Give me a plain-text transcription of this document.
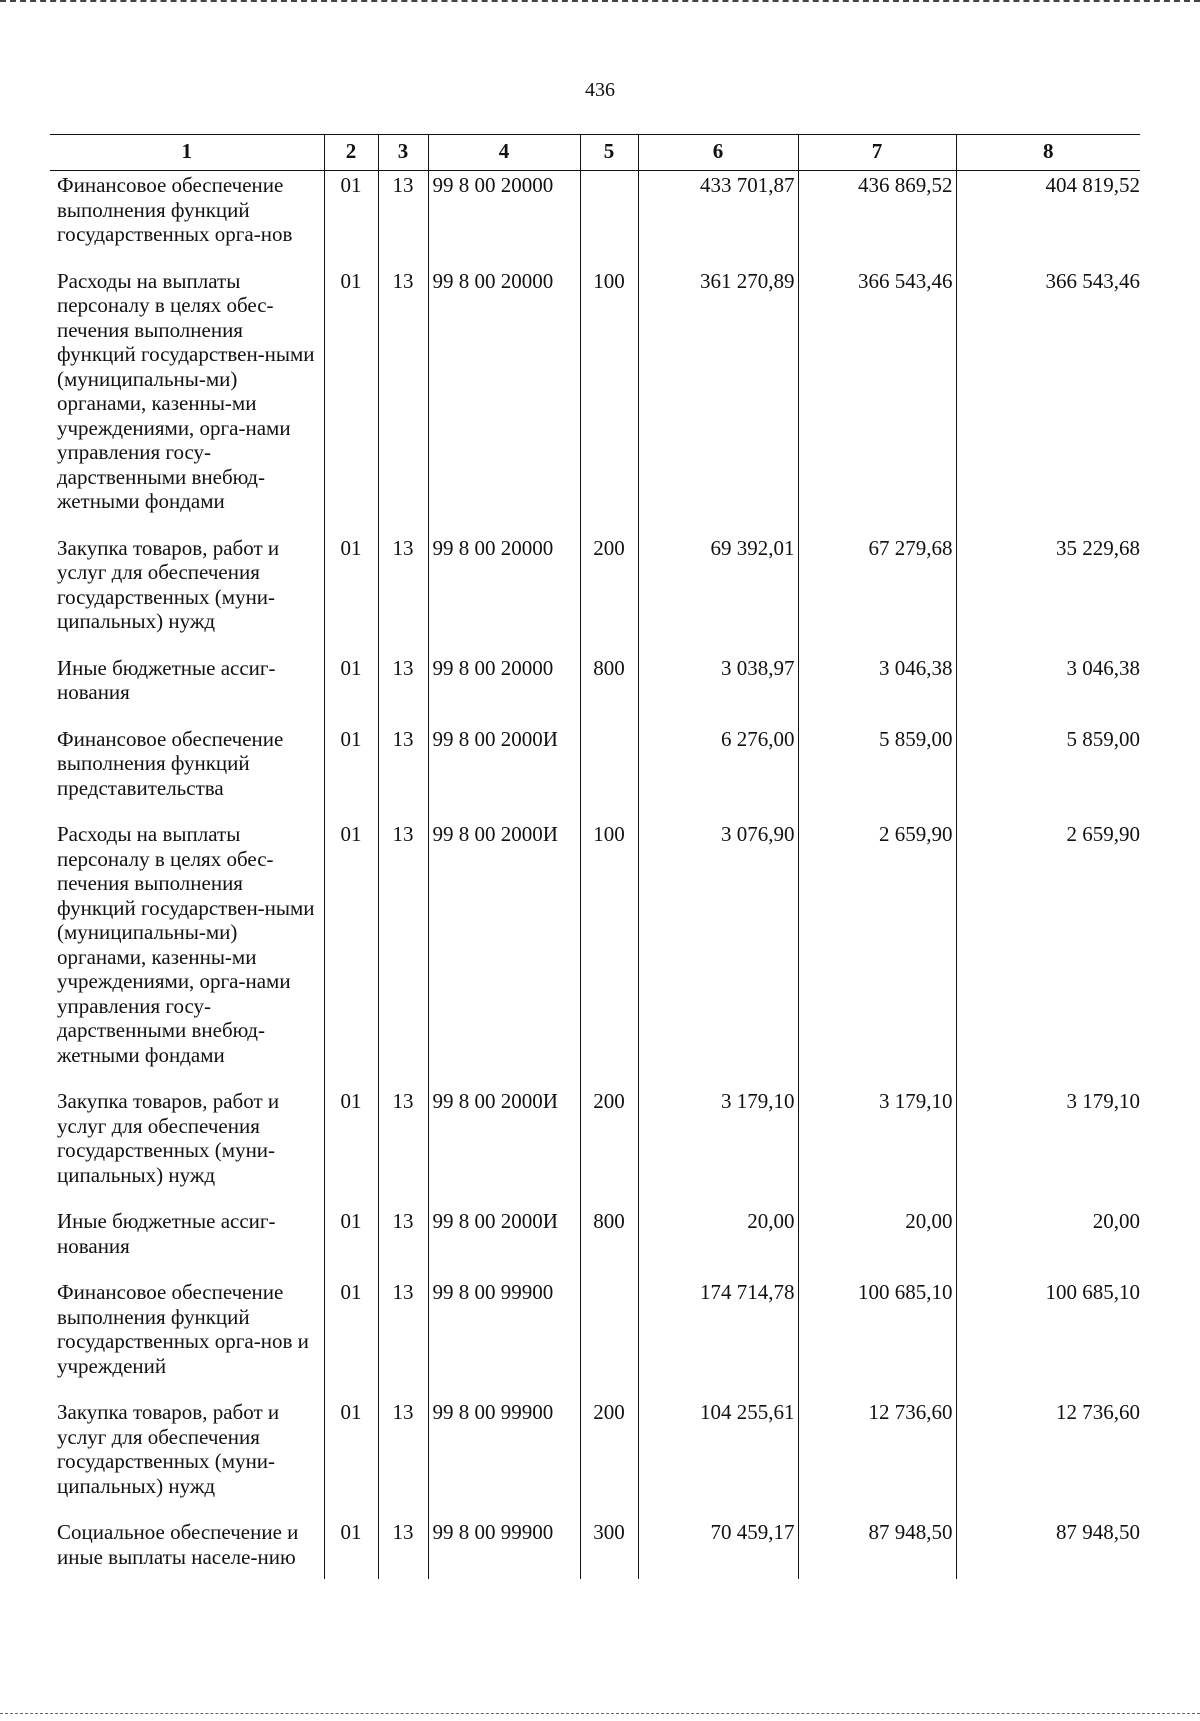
436
1	2	3	4	5	6	7	8
Финансовое обеспечение выполнения функций государственных орга-нов	01	13	99 8 00 20000		433 701,87	436 869,52	404 819,52
Расходы на выплаты персоналу в целях обес-печения выполнения функций государствен-ными (муниципальны-ми) органами, казенны-ми учреждениями, орга-нами управления госу-дарственными внебюд-жетными фондами	01	13	99 8 00 20000	100	361 270,89	366 543,46	366 543,46
Закупка товаров, работ и услуг для обеспечения государственных (муни-ципальных) нужд	01	13	99 8 00 20000	200	69 392,01	67 279,68	35 229,68
Иные бюджетные ассиг-нования	01	13	99 8 00 20000	800	3 038,97	3 046,38	3 046,38
Финансовое обеспечение выполнения функций представительства	01	13	99 8 00 2000И		6 276,00	5 859,00	5 859,00
Расходы на выплаты персоналу в целях обес-печения выполнения функций государствен-ными (муниципальны-ми) органами, казенны-ми учреждениями, орга-нами управления госу-дарственными внебюд-жетными фондами	01	13	99 8 00 2000И	100	3 076,90	2 659,90	2 659,90
Закупка товаров, работ и услуг для обеспечения государственных (муни-ципальных) нужд	01	13	99 8 00 2000И	200	3 179,10	3 179,10	3 179,10
Иные бюджетные ассиг-нования	01	13	99 8 00 2000И	800	20,00	20,00	20,00
Финансовое обеспечение выполнения функций государственных орга-нов и учреждений	01	13	99 8 00 99900		174 714,78	100 685,10	100 685,10
Закупка товаров, работ и услуг для обеспечения государственных (муни-ципальных) нужд	01	13	99 8 00 99900	200	104 255,61	12 736,60	12 736,60
Социальное обеспечение и иные выплаты населе-нию	01	13	99 8 00 99900	300	70 459,17	87 948,50	87 948,50
